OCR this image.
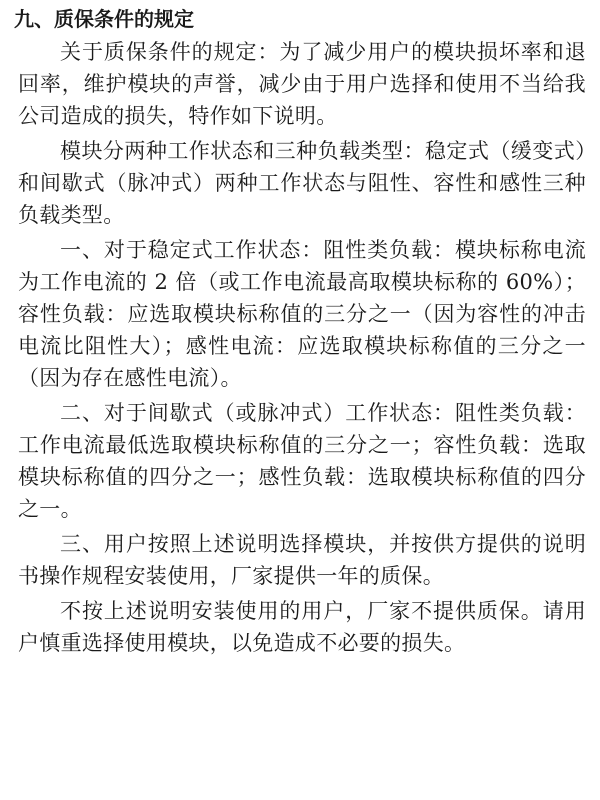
九、质保条件的规定

关于质保条件的规定：为了减少用户的模块损坏率和退回率，维护模块的声誉，减少由于用户选择和使用不当给我公司造成的损失，特作如下说明。

模块分两种工作状态和三种负载类型：稳定式（缓变式）和间歇式（脉冲式）两种工作状态与阻性、容性和感性三种负载类型。

一、对于稳定式工作状态：阻性类负载：模块标称电流为工作电流的 2 倍（或工作电流最高取模块标称的 60%）；容性负载：应选取模块标称值的三分之一（因为容性的冲击电流比阻性大）；感性电流：应选取模块标称值的三分之一（因为存在感性电流）。

二、对于间歇式（或脉冲式）工作状态：阻性类负载：工作电流最低选取模块标称值的三分之一；容性负载：选取模块标称值的四分之一；感性负载：选取模块标称值的四分之一。

三、用户按照上述说明选择模块，并按供方提供的说明书操作规程安装使用，厂家提供一年的质保。

不按上述说明安装使用的用户，厂家不提供质保。请用户慎重选择使用模块，以免造成不必要的损失。
